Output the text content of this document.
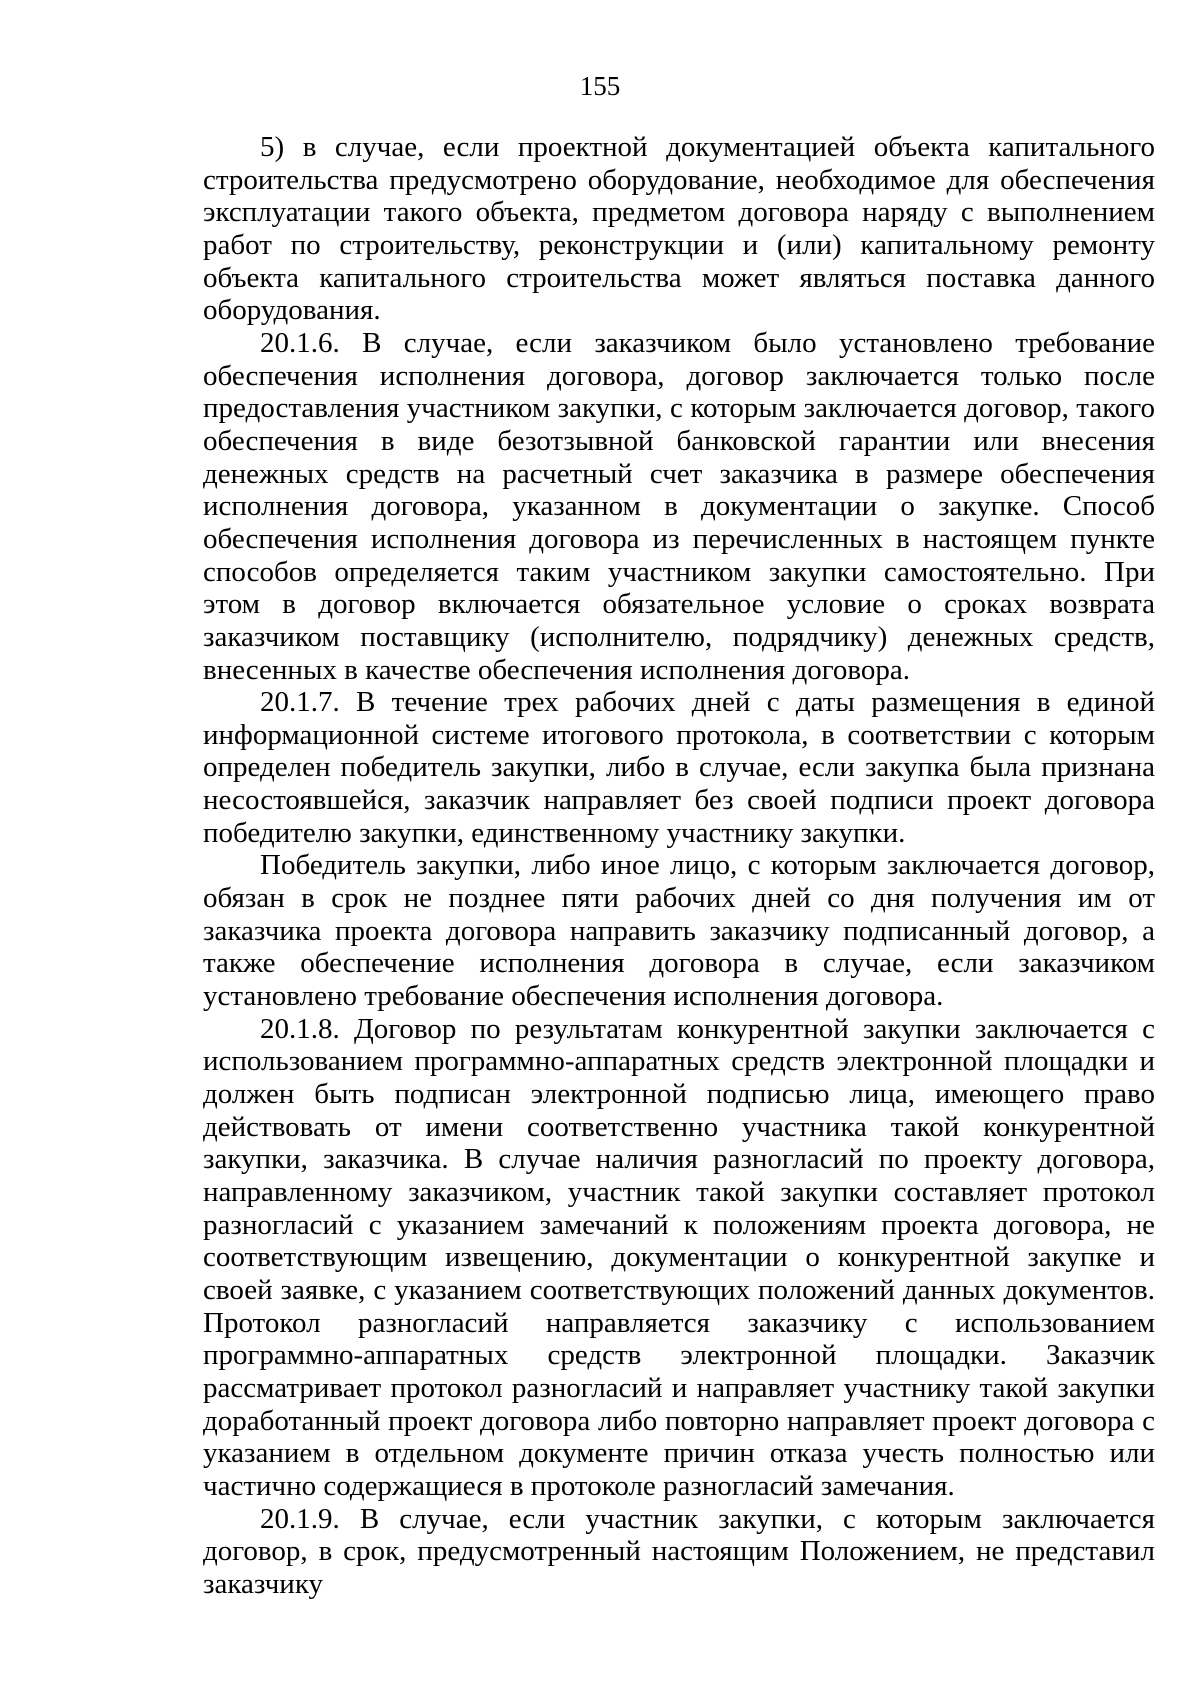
155

5) в случае, если проектной документацией объекта капитального строительства предусмотрено оборудование, необходимое для обеспечения эксплуатации такого объекта, предметом договора наряду с выполнением работ по строительству, реконструкции и (или) капитальному ремонту объекта капитального строительства может являться поставка данного оборудования.

20.1.6. В случае, если заказчиком было установлено требование обеспечения исполнения договора, договор заключается только после предоставления участником закупки, с которым заключается договор, такого обеспечения в виде безотзывной банковской гарантии или внесения денежных средств на расчетный счет заказчика в размере обеспечения исполнения договора, указанном в документации о закупке. Способ обеспечения исполнения договора из перечисленных в настоящем пункте способов определяется таким участником закупки самостоятельно. При этом в договор включается обязательное условие о сроках возврата заказчиком поставщику (исполнителю, подрядчику) денежных средств, внесенных в качестве обеспечения исполнения договора.

20.1.7. В течение трех рабочих дней с даты размещения в единой информационной системе итогового протокола, в соответствии с которым определен победитель закупки, либо в случае, если закупка была признана несостоявшейся, заказчик направляет без своей подписи проект договора победителю закупки, единственному участнику закупки.

Победитель закупки, либо иное лицо, с которым заключается договор, обязан в срок не позднее пяти рабочих дней со дня получения им от заказчика проекта договора направить заказчику подписанный договор, а также обеспечение исполнения договора в случае, если заказчиком установлено требование обеспечения исполнения договора.

20.1.8. Договор по результатам конкурентной закупки заключается с использованием программно-аппаратных средств электронной площадки и должен быть подписан электронной подписью лица, имеющего право действовать от имени соответственно участника такой конкурентной закупки, заказчика. В случае наличия разногласий по проекту договора, направленному заказчиком, участник такой закупки составляет протокол разногласий с указанием замечаний к положениям проекта договора, не соответствующим извещению, документации о конкурентной закупке и своей заявке, с указанием соответствующих положений данных документов. Протокол разногласий направляется заказчику с использованием программно-аппаратных средств электронной площадки. Заказчик рассматривает протокол разногласий и направляет участнику такой закупки доработанный проект договора либо повторно направляет проект договора с указанием в отдельном документе причин отказа учесть полностью или частично содержащиеся в протоколе разногласий замечания.

20.1.9. В случае, если участник закупки, с которым заключается договор, в срок, предусмотренный настоящим Положением, не представил заказчику
